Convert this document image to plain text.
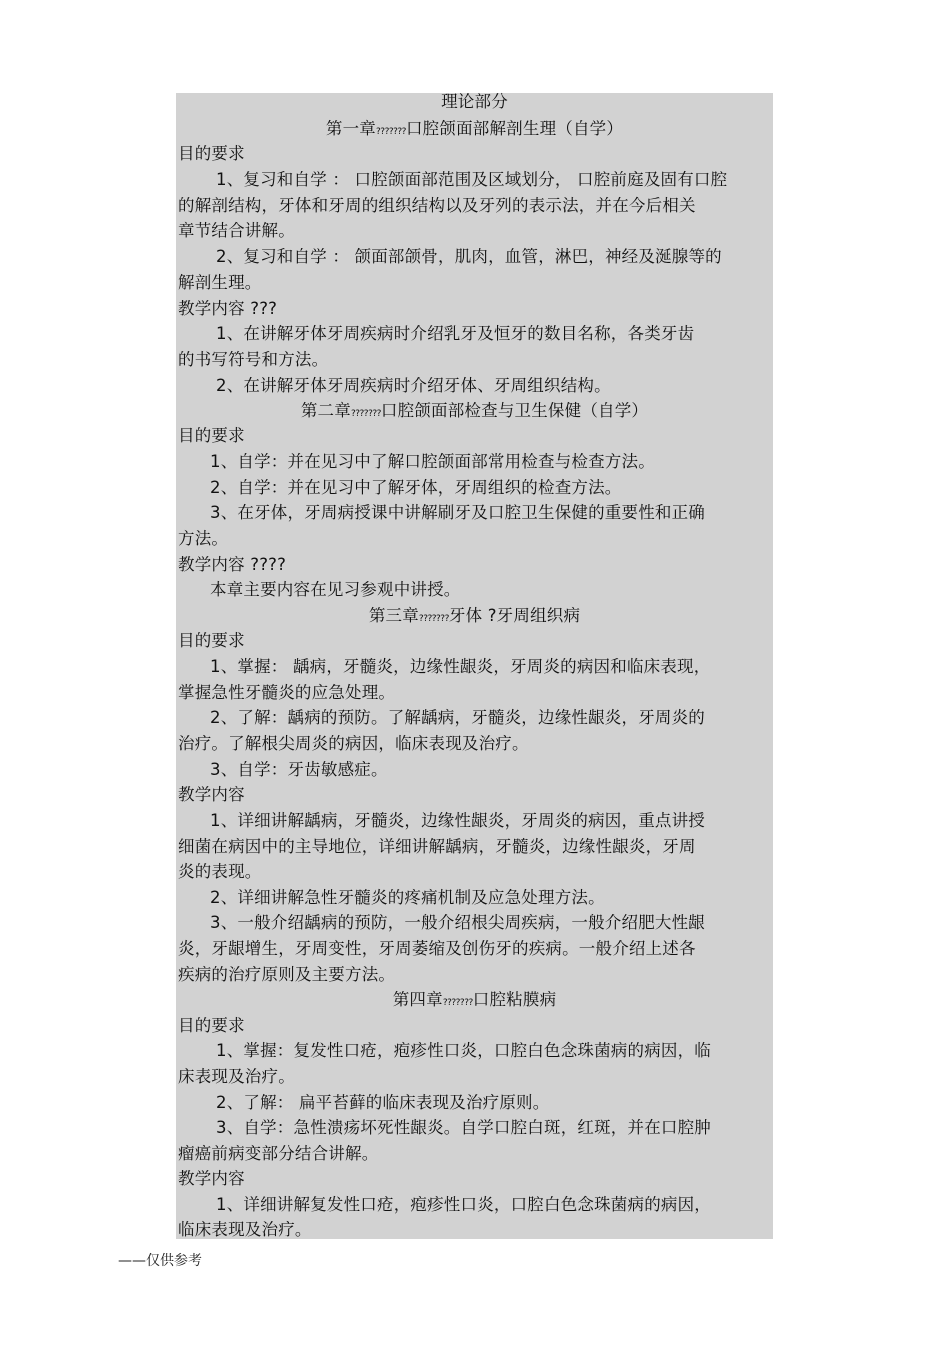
理论部分
第一章???????口腔颌面部解剖生理（自学）
目的要求
1、复习和自学 ： 口腔颌面部范围及区域划分， 口腔前庭及固有口腔
的解剖结构，牙体和牙周的组织结构以及牙列的表示法，并在今后相关
章节结合讲解。
2、复习和自学 ： 颌面部颌骨，肌肉，血管，淋巴，神经及涎腺等的
解剖生理。
教学内容 ???
1、在讲解牙体牙周疾病时介绍乳牙及恒牙的数目名称，各类牙齿
的书写符号和方法。
2、在讲解牙体牙周疾病时介绍牙体、牙周组织结构。
第二章???????口腔颌面部检查与卫生保健（自学）
目的要求
1、自学：并在见习中了解口腔颌面部常用检查与检查方法。
2、自学：并在见习中了解牙体，牙周组织的检查方法。
3、在牙体，牙周病授课中讲解刷牙及口腔卫生保健的重要性和正确
方法。
教学内容 ????
本章主要内容在见习参观中讲授。
第三章???????牙体 ?牙周组织病
目的要求
1、掌握： 龋病，牙髓炎，边缘性龈炎，牙周炎的病因和临床表现，
掌握急性牙髓炎的应急处理。
2、了解：龋病的预防。了解龋病，牙髓炎，边缘性龈炎，牙周炎的
治疗。了解根尖周炎的病因，临床表现及治疗。
3、自学：牙齿敏感症。
教学内容
1、详细讲解龋病，牙髓炎，边缘性龈炎，牙周炎的病因，重点讲授
细菌在病因中的主导地位，详细讲解龋病，牙髓炎，边缘性龈炎，牙周
炎的表现。
2、详细讲解急性牙髓炎的疼痛机制及应急处理方法。
3、一般介绍龋病的预防，一般介绍根尖周疾病，一般介绍肥大性龈
炎，牙龈增生，牙周变性，牙周萎缩及创伤牙的疾病。一般介绍上述各
疾病的治疗原则及主要方法。
第四章???????口腔粘膜病
目的要求
1、掌握：复发性口疮，疱疹性口炎，口腔白色念珠菌病的病因，临
床表现及治疗。
2、了解： 扁平苔藓的临床表现及治疗原则。
3、自学：急性溃疡坏死性龈炎。自学口腔白斑，红斑，并在口腔肿
瘤癌前病变部分结合讲解。
教学内容
1、详细讲解复发性口疮，疱疹性口炎，口腔白色念珠菌病的病因，
临床表现及治疗。
——仅供参考
